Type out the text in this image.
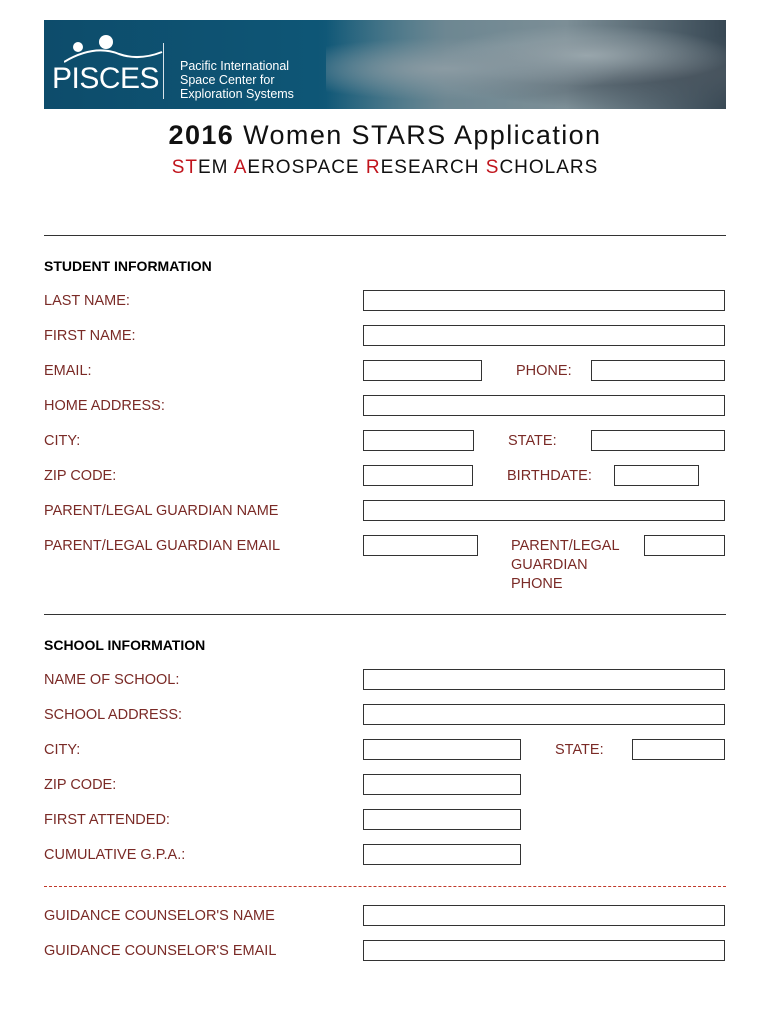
PISCES Pacific International
Space Center for
Exploration Systems
2016 Women STARS Application
STEM AEROSPACE RESEARCH SCHOLARS
STUDENT INFORMATION
LAST NAME:
FIRST NAME:
EMAIL:	PHONE:
HOME ADDRESS:
CITY:	STATE:
ZIP CODE:	BIRTHDATE:
PARENT/LEGAL GUARDIAN NAME
PARENT/LEGAL GUARDIAN EMAIL	PARENT/LEGAL
GUARDIAN
PHONE
SCHOOL INFORMATION
NAME OF SCHOOL:
SCHOOL ADDRESS:
CITY:	STATE:
ZIP CODE:
FIRST ATTENDED:
CUMULATIVE G.P.A.:
GUIDANCE COUNSELOR'S NAME
GUIDANCE COUNSELOR'S EMAIL
